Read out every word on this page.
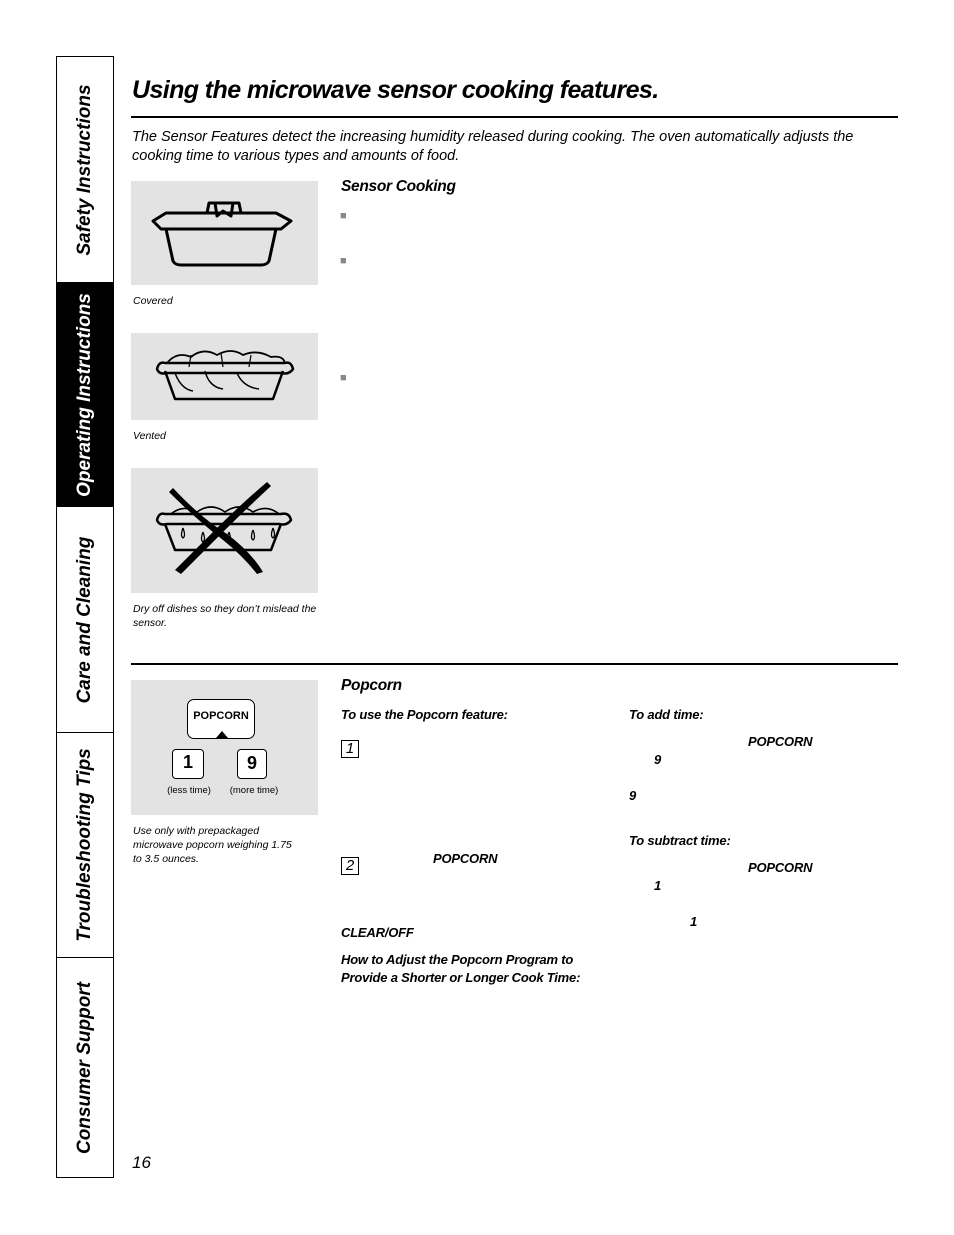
Safety Instructions
Operating Instructions
Care and Cleaning
Troubleshooting Tips
Consumer Support
Using the microwave sensor cooking features.

The Sensor Features detect the increasing humidity released during cooking. The oven automatically adjusts the cooking time to various types and amounts of food.

Covered
Vented
Dry off dishes so they don’t mislead the sensor.
Sensor Cooking
■
■
■
POPCORN
1	9
(less time)	(more time)
Use only with prepackaged microwave popcorn weighing 1.75 to 3.5 ounces.
Popcorn
To use the Popcorn feature:
1
2	POPCORN
CLEAR/OFF
How to Adjust the Popcorn Program to Provide a Shorter or Longer Cook Time:
To add time:
POPCORN
9
9
To subtract time:
POPCORN
1
1
16
